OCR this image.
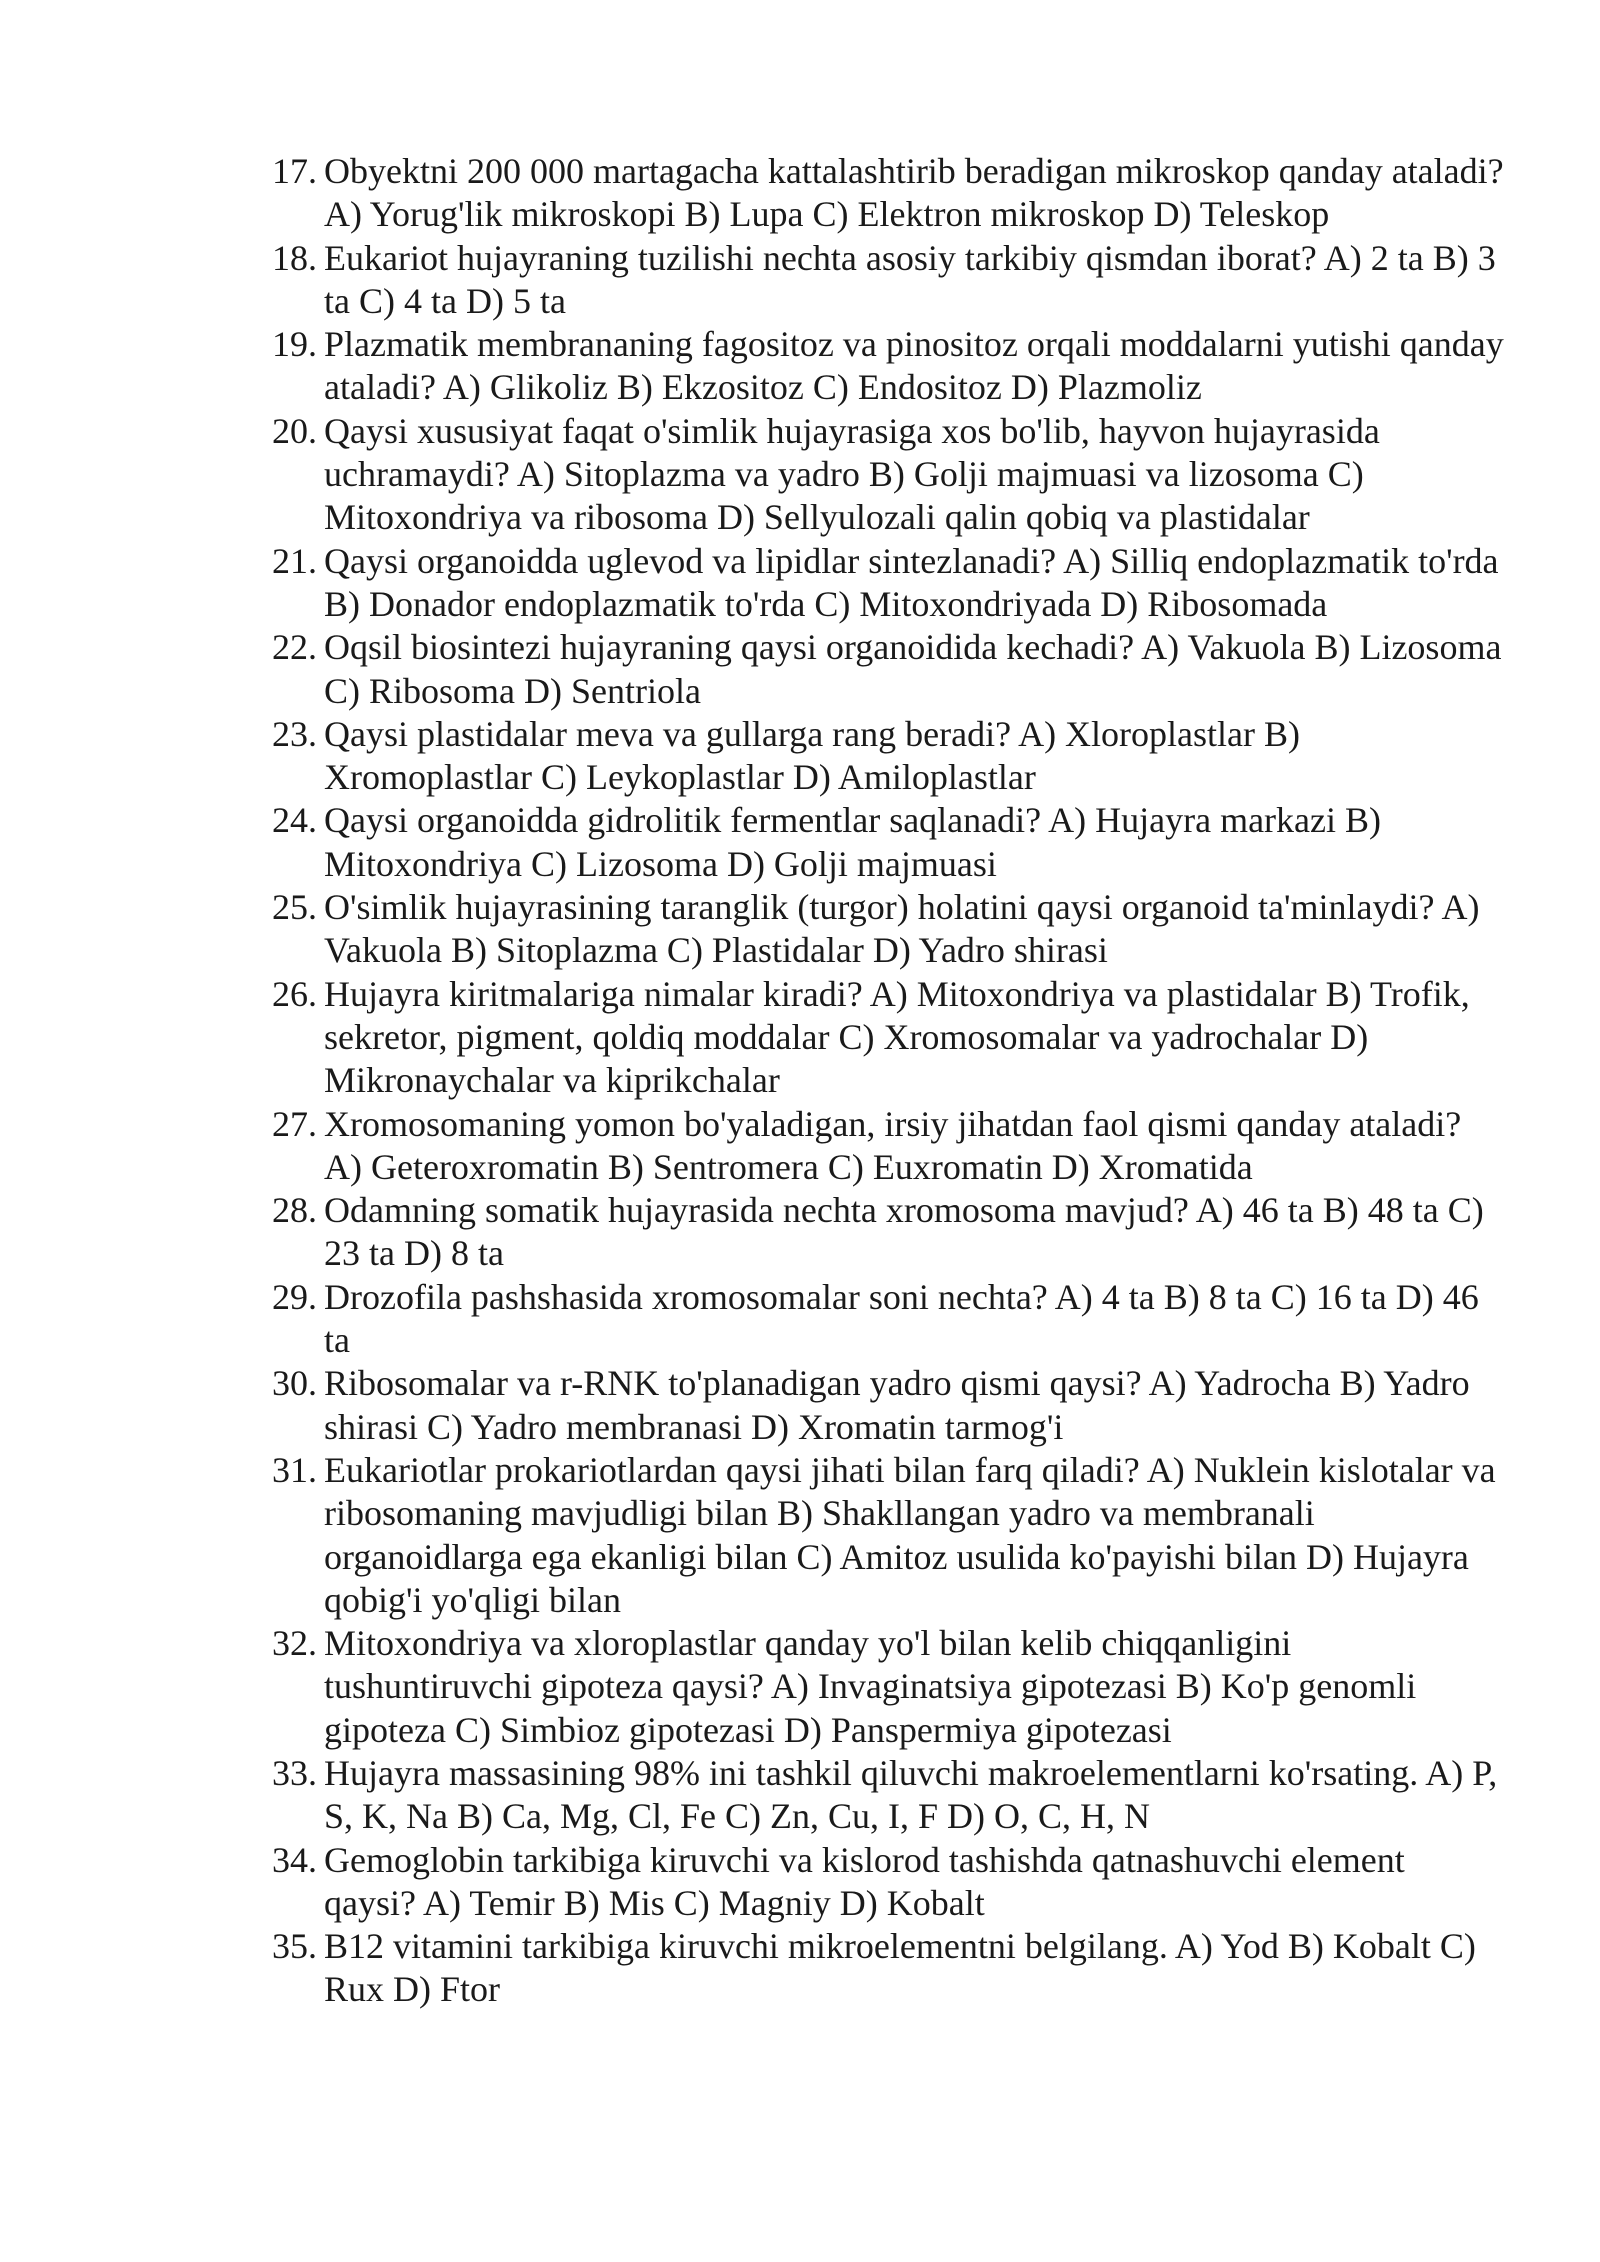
17. Obyektni 200 000 martagacha kattalashtirib beradigan mikroskop qanday ataladi? A) Yorug'lik mikroskopi B) Lupa C) Elektron mikroskop D) Teleskop
18. Eukariot hujayraning tuzilishi nechta asosiy tarkibiy qismdan iborat? A) 2 ta B) 3 ta C) 4 ta D) 5 ta
19. Plazmatik membrananing fagositoz va pinositoz orqali moddalarni yutishi qanday ataladi? A) Glikoliz B) Ekzositoz C) Endositoz D) Plazmoliz
20. Qaysi xususiyat faqat o'simlik hujayrasiga xos bo'lib, hayvon hujayrasida uchramaydi? A) Sitoplazma va yadro B) Golji majmuasi va lizosoma C) Mitoxondriya va ribosoma D) Sellyulozali qalin qobiq va plastidalar
21. Qaysi organoidda uglevod va lipidlar sintezlanadi? A) Silliq endoplazmatik to'rda B) Donador endoplazmatik to'rda C) Mitoxondriyada D) Ribosomada
22. Oqsil biosintezi hujayraning qaysi organoidida kechadi? A) Vakuola B) Lizosoma C) Ribosoma D) Sentriola
23. Qaysi plastidalar meva va gullarga rang beradi? A) Xloroplastlar B) Xromoplastlar C) Leykoplastlar D) Amiloplastlar
24. Qaysi organoidda gidrolitik fermentlar saqlanadi? A) Hujayra markazi B) Mitoxondriya C) Lizosoma D) Golji majmuasi
25. O'simlik hujayrasining taranglik (turgor) holatini qaysi organoid ta'minlaydi? A) Vakuola B) Sitoplazma C) Plastidalar D) Yadro shirasi
26. Hujayra kiritmalariga nimalar kiradi? A) Mitoxondriya va plastidalar B) Trofik, sekretor, pigment, qoldiq moddalar C) Xromosomalar va yadrochalar D) Mikronaychalar va kiprikchalar
27. Xromosomaning yomon bo'yaladigan, irsiy jihatdan faol qismi qanday ataladi? A) Geteroxromatin B) Sentromera C) Euxromatin D) Xromatida
28. Odamning somatik hujayrasida nechta xromosoma mavjud? A) 46 ta B) 48 ta C) 23 ta D) 8 ta
29. Drozofila pashshasida xromosomalar soni nechta? A) 4 ta B) 8 ta C) 16 ta D) 46 ta
30. Ribosomalar va r-RNK to'planadigan yadro qismi qaysi? A) Yadrocha B) Yadro shirasi C) Yadro membranasi D) Xromatin tarmog'i
31. Eukariotlar prokariotlardan qaysi jihati bilan farq qiladi? A) Nuklein kislotalar va ribosomaning mavjudligi bilan B) Shakllangan yadro va membranali organoidlarga ega ekanligi bilan C) Amitoz usulida ko'payishi bilan D) Hujayra qobig'i yo'qligi bilan
32. Mitoxondriya va xloroplastlar qanday yo'l bilan kelib chiqqanligini tushuntiruvchi gipoteza qaysi? A) Invaginatsiya gipotezasi B) Ko'p genomli gipoteza C) Simbioz gipotezasi D) Panspermiya gipotezasi
33. Hujayra massasining 98% ini tashkil qiluvchi makroelementlarni ko'rsating. A) P, S, K, Na B) Ca, Mg, Cl, Fe C) Zn, Cu, I, F D) O, C, H, N
34. Gemoglobin tarkibiga kiruvchi va kislorod tashishda qatnashuvchi element qaysi? A) Temir B) Mis C) Magniy D) Kobalt
35. B12 vitamini tarkibiga kiruvchi mikroelementni belgilang. A) Yod B) Kobalt C) Rux D) Ftor
